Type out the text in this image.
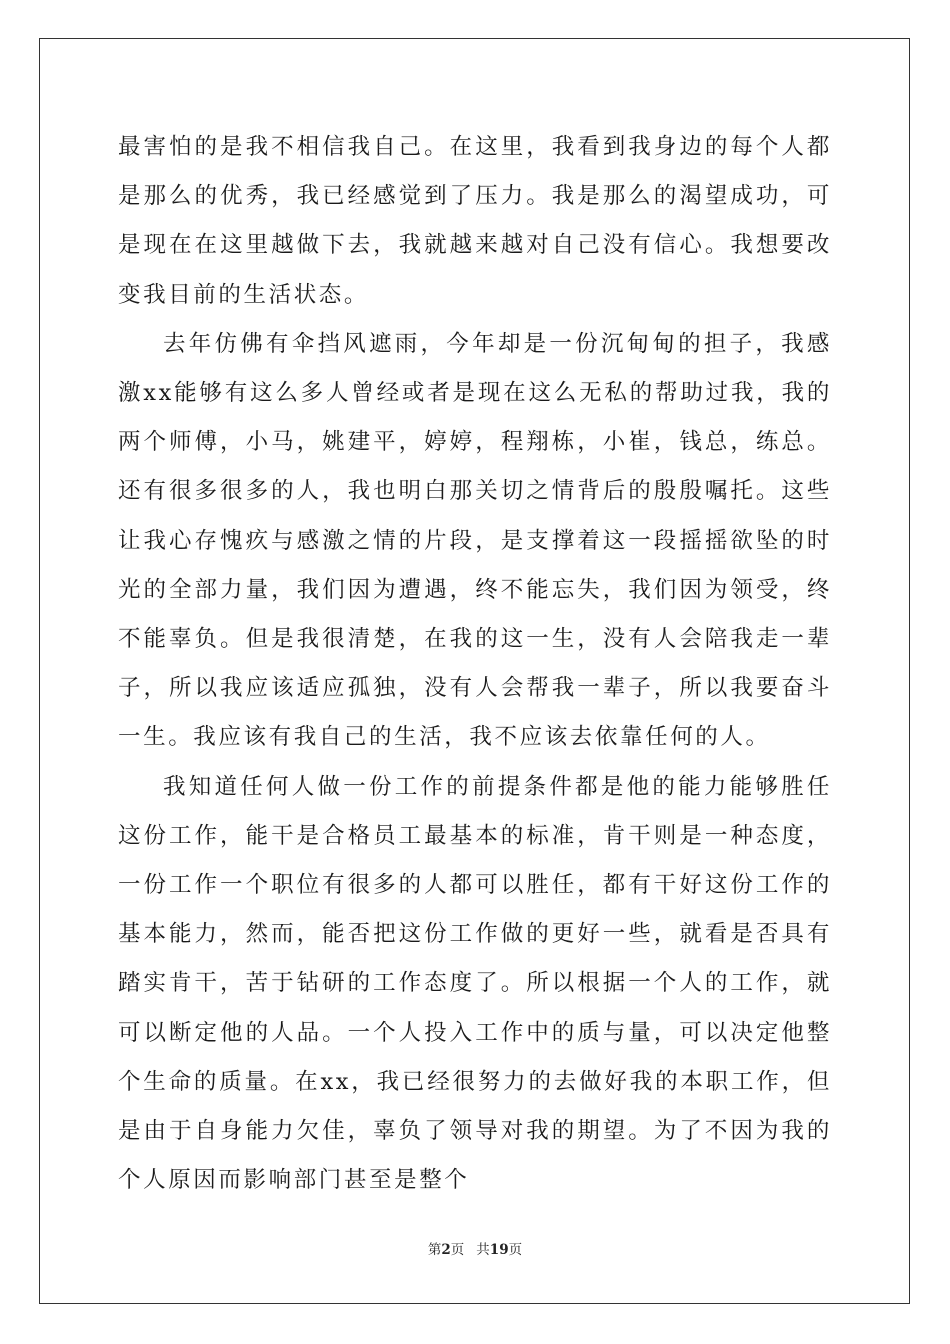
最害怕的是我不相信我自己。在这里，我看到我身边的每个人都是那么的优秀，我已经感觉到了压力。我是那么的渴望成功，可是现在在这里越做下去，我就越来越对自己没有信心。我想要改变我目前的生活状态。

去年仿佛有伞挡风遮雨，今年却是一份沉甸甸的担子，我感激xx能够有这么多人曾经或者是现在这么无私的帮助过我，我的两个师傅，小马，姚建平，婷婷，程翔栋，小崔，钱总，练总。还有很多很多的人，我也明白那关切之情背后的殷殷嘱托。这些让我心存愧疚与感激之情的片段，是支撑着这一段摇摇欲坠的时光的全部力量，我们因为遭遇，终不能忘失，我们因为领受，终不能辜负。但是我很清楚，在我的这一生，没有人会陪我走一辈子，所以我应该适应孤独，没有人会帮我一辈子，所以我要奋斗一生。我应该有我自己的生活，我不应该去依靠任何的人。

我知道任何人做一份工作的前提条件都是他的能力能够胜任这份工作，能干是合格员工最基本的标准，肯干则是一种态度，一份工作一个职位有很多的人都可以胜任，都有干好这份工作的基本能力，然而，能否把这份工作做的更好一些，就看是否具有踏实肯干，苦于钻研的工作态度了。所以根据一个人的工作，就可以断定他的人品。一个人投入工作中的质与量，可以决定他整个生命的质量。在xx，我已经很努力的去做好我的本职工作，但是由于自身能力欠佳，辜负了领导对我的期望。为了不因为我的个人原因而影响部门甚至是整个

第2页 共19页
